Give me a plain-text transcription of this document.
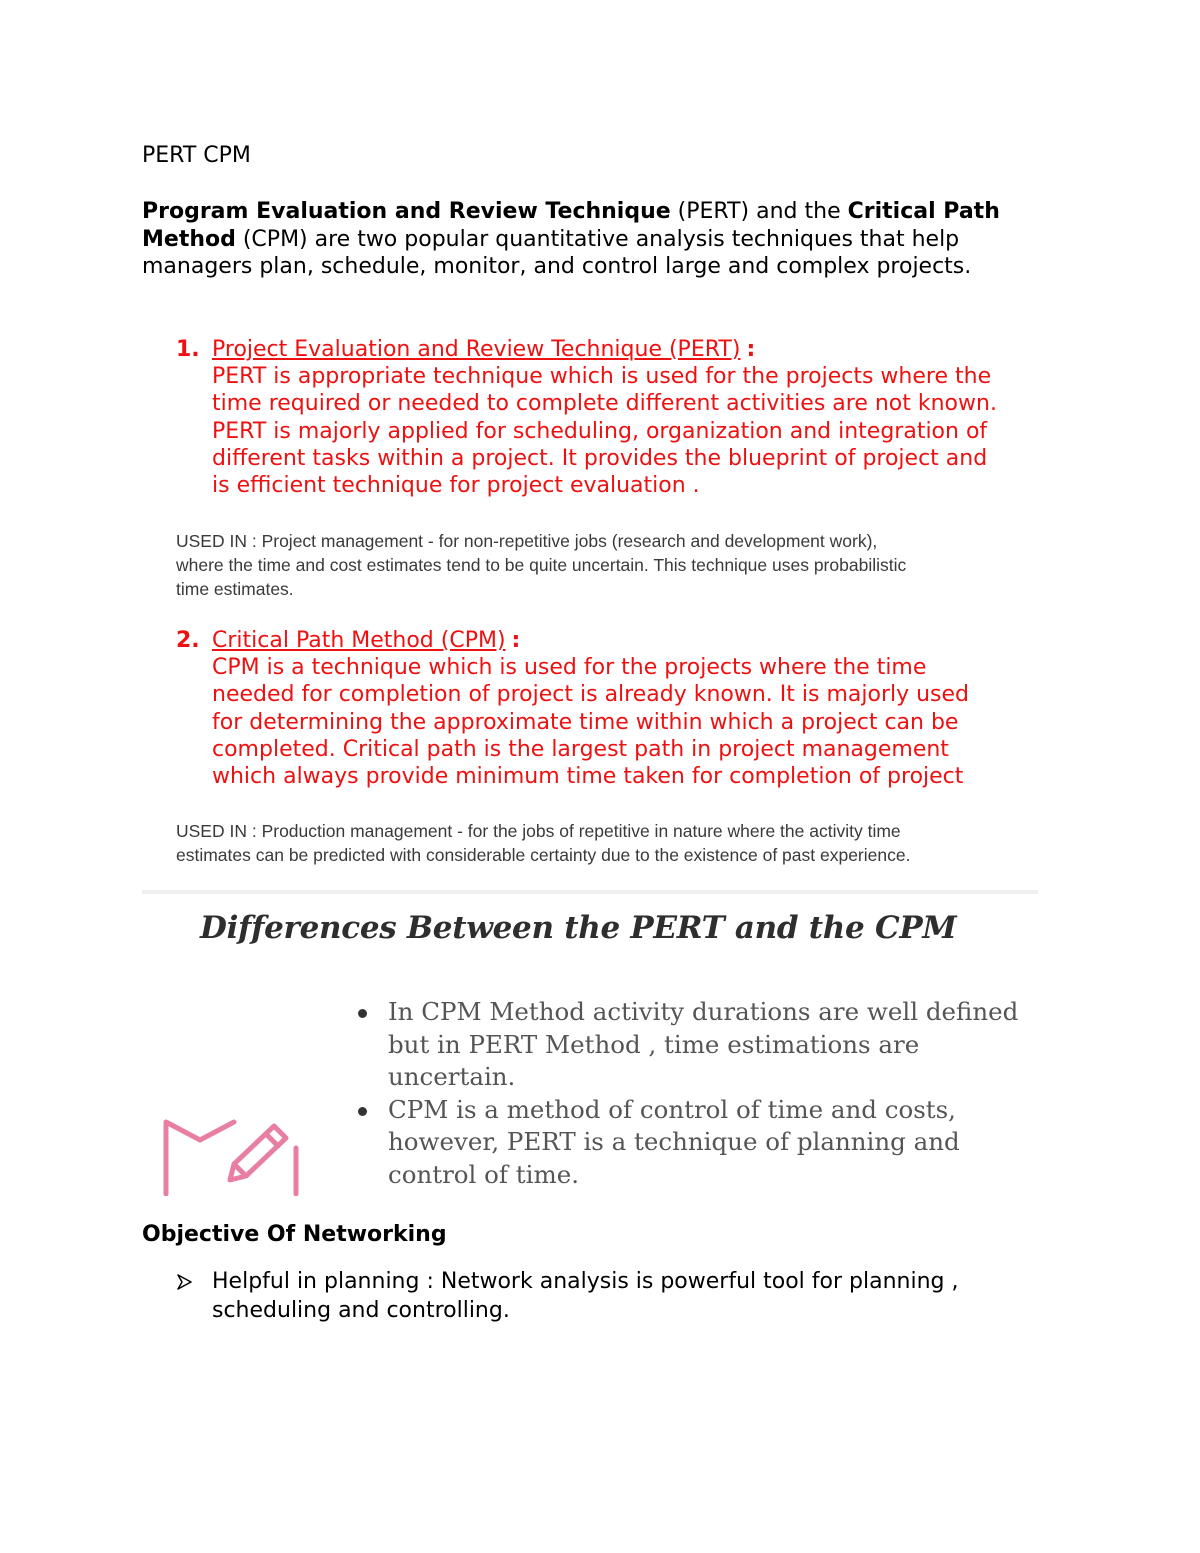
PERT CPM
Program Evaluation and Review Technique (PERT) and the Critical Path Method (CPM) are two popular quantitative analysis techniques that help managers plan, schedule, monitor, and control large and complex projects.
1. Project Evaluation and Review Technique (PERT) :
PERT is appropriate technique which is used for the projects where the
time required or needed to complete different activities are not known.
PERT is majorly applied for scheduling, organization and integration of
different tasks within a project. It provides the blueprint of project and
is efficient technique for project evaluation .
USED IN : Project management - for non-repetitive jobs (research and development work),
where the time and cost estimates tend to be quite uncertain. This technique uses probabilistic
time estimates.
2. Critical Path Method (CPM) :
CPM is a technique which is used for the projects where the time
needed for completion of project is already known. It is majorly used
for determining the approximate time within which a project can be
completed. Critical path is the largest path in project management
which always provide minimum time taken for completion of project
USED IN : Production management - for the jobs of repetitive in nature where the activity time
estimates can be predicted with considerable certainty due to the existence of past experience.
Differences Between the PERT and the CPM
In CPM Method activity durations are well defined
but in PERT Method , time estimations are
uncertain.
CPM is a method of control of time and costs,
however, PERT is a technique of planning and
control of time.
Objective Of Networking
Helpful in planning : Network analysis is powerful tool for planning ,
scheduling and controlling.
